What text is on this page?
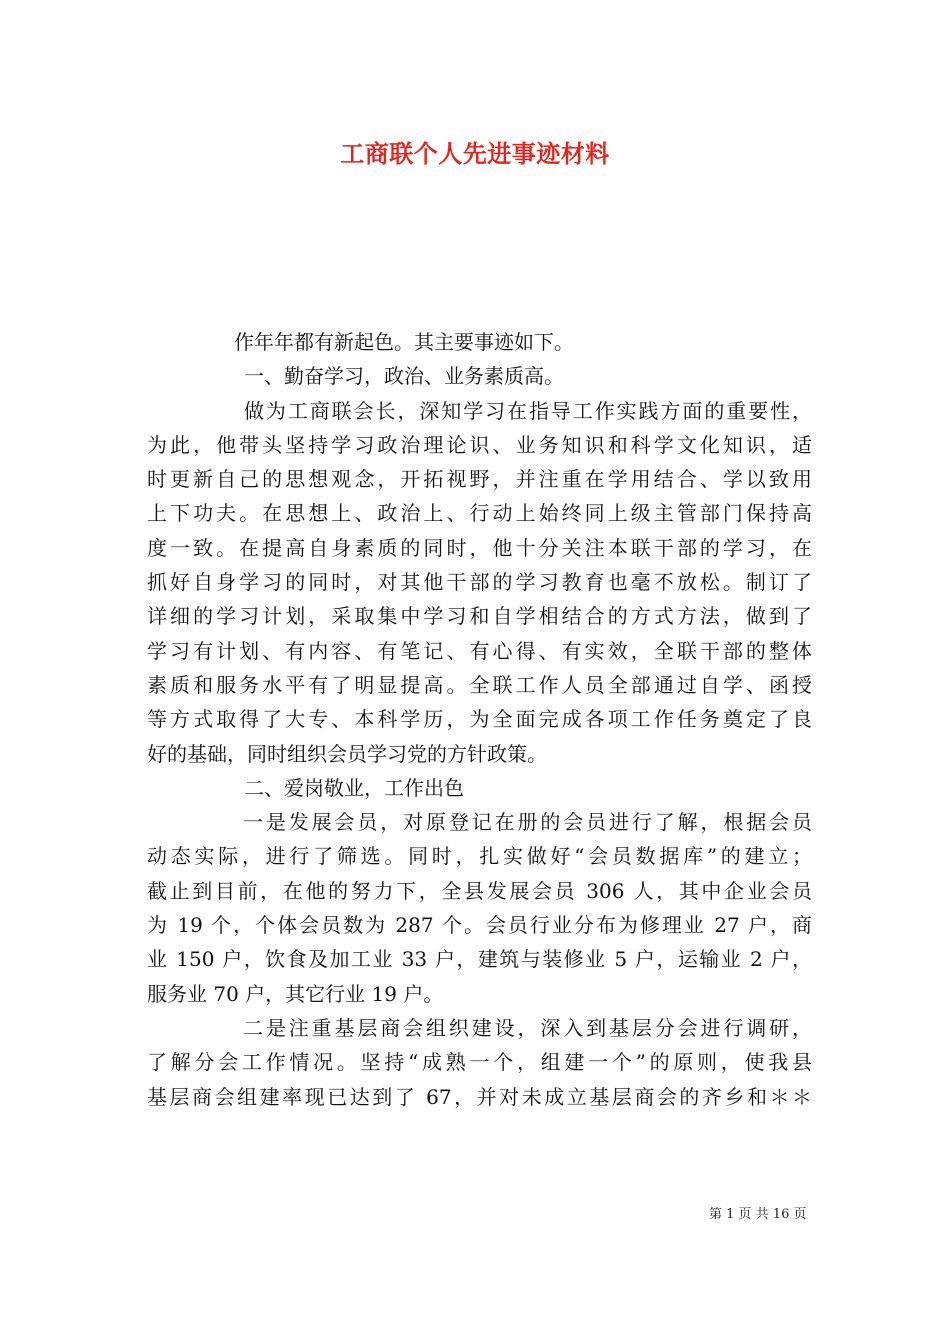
工商联个人先进事迹材料
作年年都有新起色。其主要事迹如下。
一、勤奋学习，政治、业务素质高。
做为工商联会长，深知学习在指导工作实践方面的重要性，
为此，他带头坚持学习政治理论识、业务知识和科学文化知识，适
时更新自己的思想观念，开拓视野，并注重在学用结合、学以致用
上下功夫。在思想上、政治上、行动上始终同上级主管部门保持高
度一致。在提高自身素质的同时，他十分关注本联干部的学习，在
抓好自身学习的同时，对其他干部的学习教育也毫不放松。制订了
详细的学习计划，采取集中学习和自学相结合的方式方法，做到了
学习有计划、有内容、有笔记、有心得、有实效，全联干部的整体
素质和服务水平有了明显提高。全联工作人员全部通过自学、函授
等方式取得了大专、本科学历，为全面完成各项工作任务奠定了良
好的基础，同时组织会员学习党的方针政策。
二、爱岗敬业，工作出色
一是发展会员，对原登记在册的会员进行了解，根据会员
动态实际，进行了筛选。同时，扎实做好“会员数据库”的建立；
截止到目前，在他的努力下，全县发展会员 306 人，其中企业会员
为 19 个，个体会员数为 287 个。会员行业分布为修理业 27 户，商
业 150 户，饮食及加工业 33 户，建筑与装修业 5 户，运输业 2 户，
服务业 70 户，其它行业 19 户。
二是注重基层商会组织建设，深入到基层分会进行调研，
了解分会工作情况。坚持“成熟一个，组建一个”的原则，使我县
基层商会组建率现已达到了 67，并对未成立基层商会的齐乡和＊＊
第 1 页 共 16 页
